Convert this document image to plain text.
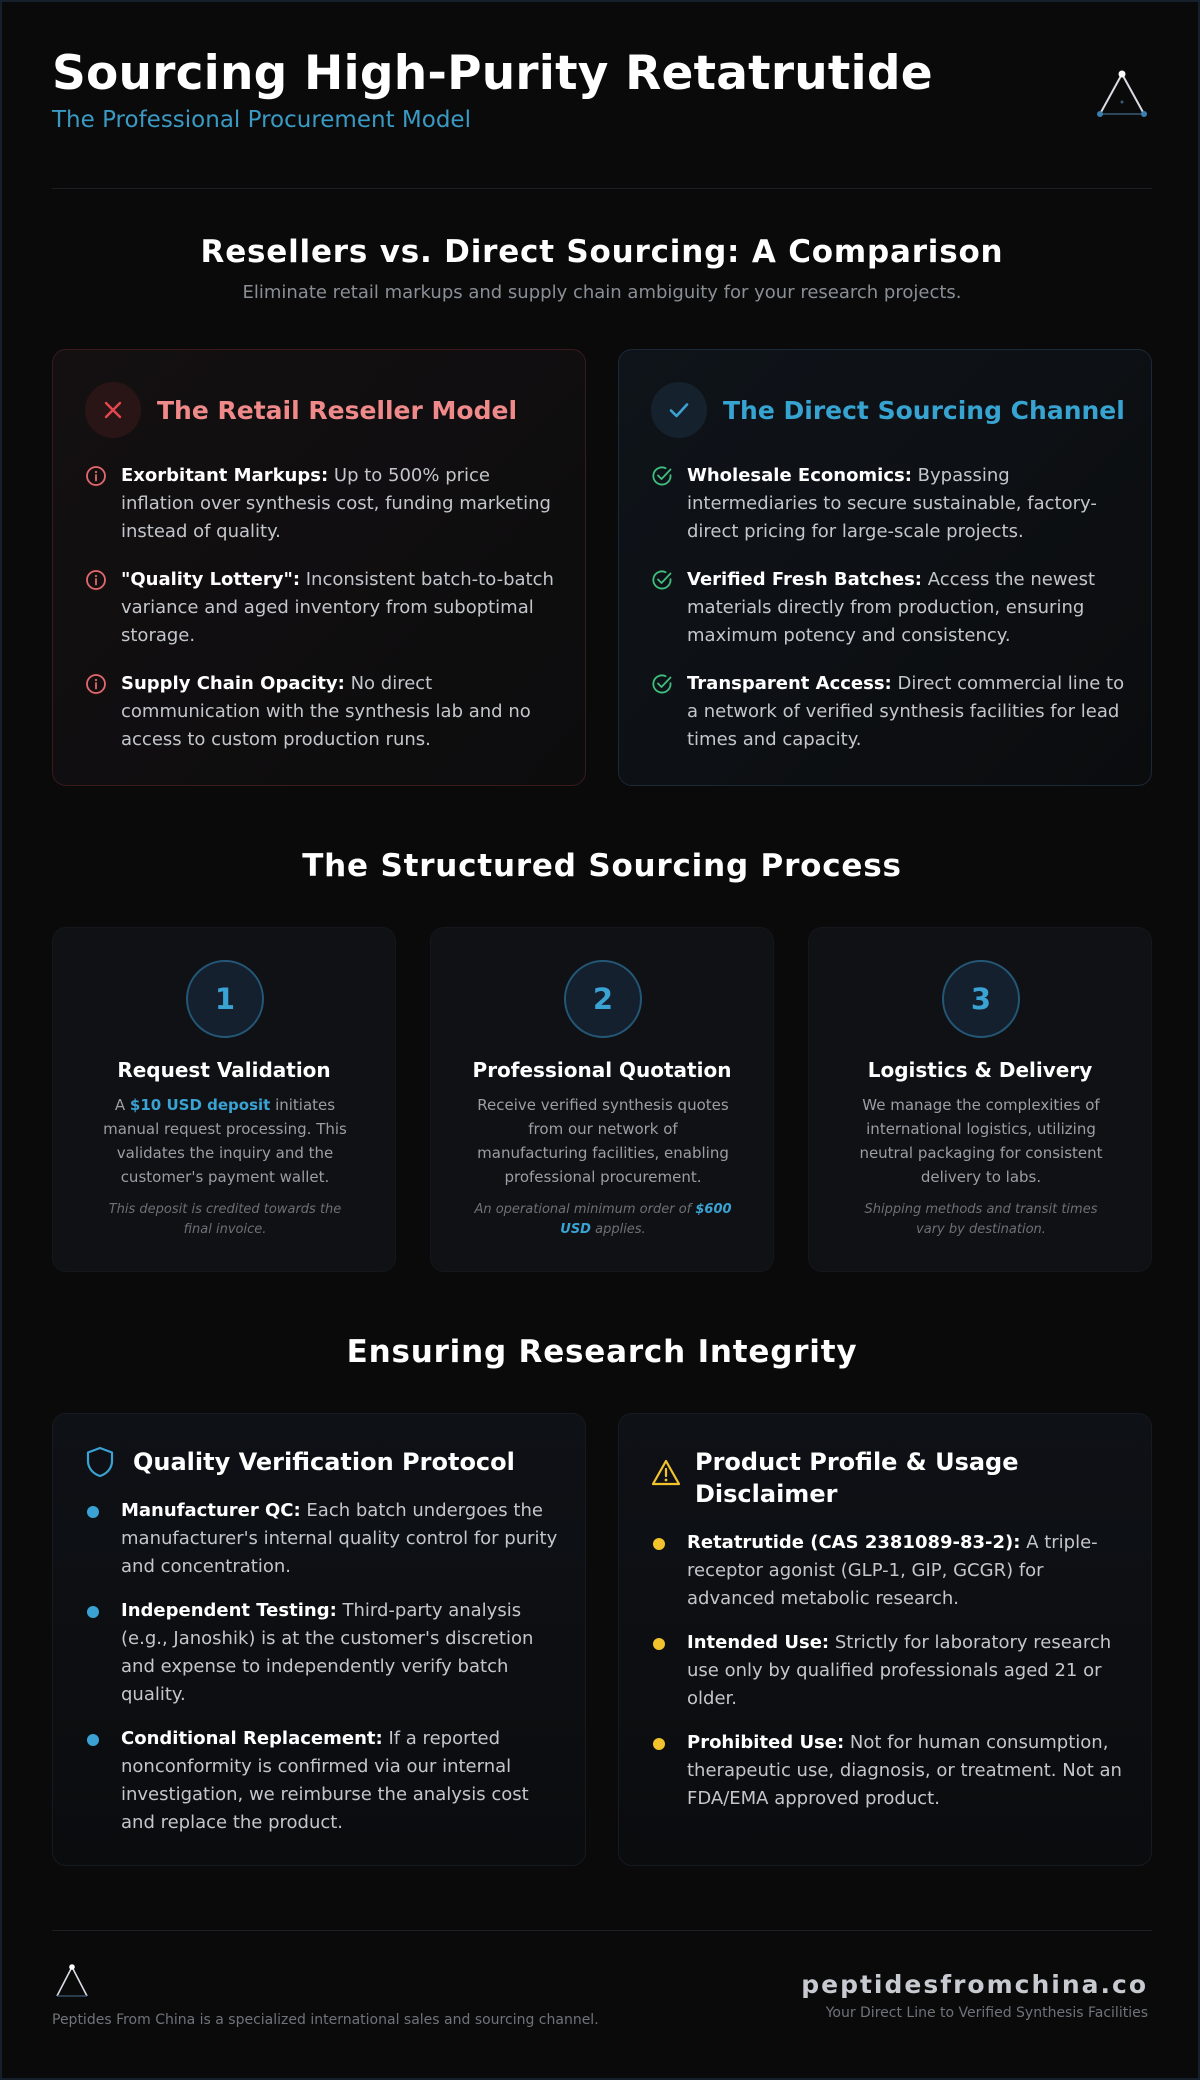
Sourcing High-Purity Retatrutide
The Professional Procurement Model
Resellers vs. Direct Sourcing: A Comparison
Eliminate retail markups and supply chain ambiguity for your research projects.
The Retail Reseller Model
Exorbitant Markups: Up to 500% price inflation over synthesis cost, funding marketing instead of quality.
"Quality Lottery": Inconsistent batch-to-batch variance and aged inventory from suboptimal storage.
Supply Chain Opacity: No direct communication with the synthesis lab and no access to custom production runs.
The Direct Sourcing Channel
Wholesale Economics: Bypassing intermediaries to secure sustainable, factory-direct pricing for large-scale projects.
Verified Fresh Batches: Access the newest materials directly from production, ensuring maximum potency and consistency.
Transparent Access: Direct commercial line to a network of verified synthesis facilities for lead times and capacity.
The Structured Sourcing Process
1
Request Validation
A $10 USD deposit initiates manual request processing. This validates the inquiry and the customer's payment wallet.
This deposit is credited towards the final invoice.
2
Professional Quotation
Receive verified synthesis quotes from our network of manufacturing facilities, enabling professional procurement.
An operational minimum order of $600 USD applies.
3
Logistics & Delivery
We manage the complexities of international logistics, utilizing neutral packaging for consistent delivery to labs.
Shipping methods and transit times vary by destination.
Ensuring Research Integrity
Quality Verification Protocol
Manufacturer QC: Each batch undergoes the manufacturer's internal quality control for purity and concentration.
Independent Testing: Third-party analysis (e.g., Janoshik) is at the customer's discretion and expense to independently verify batch quality.
Conditional Replacement: If a reported nonconformity is confirmed via our internal investigation, we reimburse the analysis cost and replace the product.
Product Profile & Usage
Disclaimer
Retatrutide (CAS 2381089-83-2): A triple-receptor agonist (GLP-1, GIP, GCGR) for advanced metabolic research.
Intended Use: Strictly for laboratory research use only by qualified professionals aged 21 or older.
Prohibited Use: Not for human consumption, therapeutic use, diagnosis, or treatment. Not an FDA/EMA approved product.
Peptides From China is a specialized international sales and sourcing channel.
peptidesfromchina.co
Your Direct Line to Verified Synthesis Facilities
